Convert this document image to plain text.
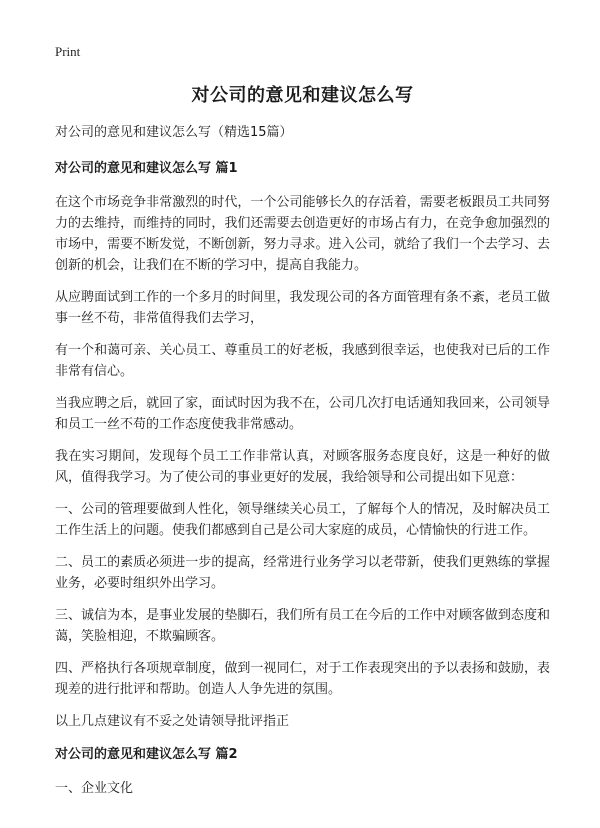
Print
对公司的意见和建议怎么写
对公司的意见和建议怎么写（精选15篇）
对公司的意见和建议怎么写 篇1

在这个市场竞争非常激烈的时代，一个公司能够长久的存活着，需要老板跟员工共同努力的去维持，而维持的同时，我们还需要去创造更好的市场占有力，在竞争愈加强烈的市场中，需要不断发觉，不断创新，努力寻求。进入公司，就给了我们一个去学习、去创新的机会，让我们在不断的学习中，提高自我能力。

从应聘面试到工作的一个多月的时间里，我发现公司的各方面管理有条不紊，老员工做事一丝不苟，非常值得我们去学习，

有一个和蔼可亲、关心员工、尊重员工的好老板，我感到很幸运，也使我对已后的工作非常有信心。

当我应聘之后，就回了家，面试时因为我不在，公司几次打电话通知我回来，公司领导和员工一丝不苟的工作态度使我非常感动。

我在实习期间，发现每个员工工作非常认真，对顾客服务态度良好，这是一种好的做风，值得我学习。为了使公司的事业更好的发展，我给领导和公司提出如下见意：

一、公司的管理要做到人性化，领导继续关心员工，了解每个人的情况，及时解决员工工作生活上的问题。使我们都感到自己是公司大家庭的成员，心情愉快的行进工作。

二、员工的素质必须进一步的提高，经常进行业务学习以老带新，使我们更熟练的掌握业务，必要时组织外出学习。

三、诚信为本，是事业发展的垫脚石，我们所有员工在今后的工作中对顾客做到态度和蔼，笑脸相迎，不欺骗顾客。

四、严格执行各项规章制度，做到一视同仁，对于工作表现突出的予以表扬和鼓励，表现差的进行批评和帮助。创造人人争先进的氛围。

以上几点建议有不妥之处请领导批评指正

对公司的意见和建议怎么写 篇2

一、企业文化
